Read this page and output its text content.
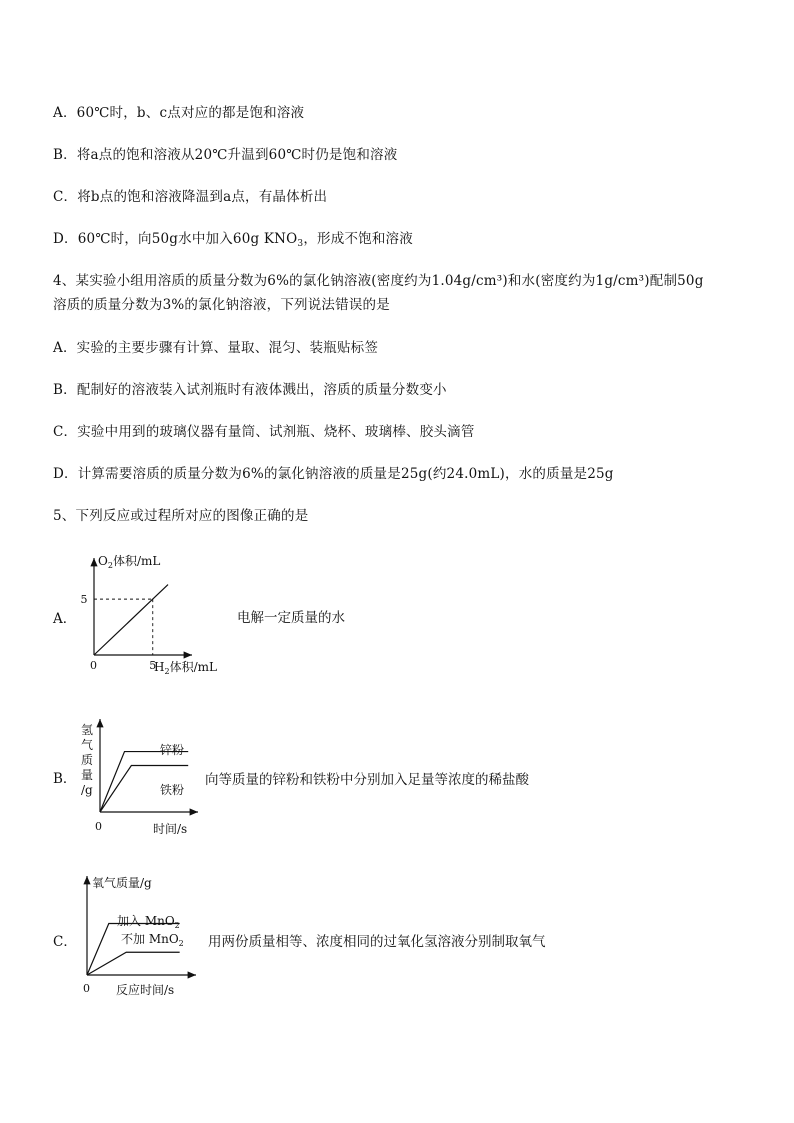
A．60℃时，b、c点对应的都是饱和溶液
B．将a点的饱和溶液从20℃升温到60℃时仍是饱和溶液
C．将b点的饱和溶液降温到a点，有晶体析出
D．60℃时，向50g水中加入60g $KNO_3$，形成不饱和溶液
4、某实验小组用溶质的质量分数为6%的氯化钠溶液(密度约为1.04g/cm³)和水(密度约为1g/cm³)配制50g
溶质的质量分数为3%的氯化钠溶液，下列说法错误的是
A．实验的主要步骤有计算、量取、混匀、装瓶贴标签
B．配制好的溶液装入试剂瓶时有液体溅出，溶质的质量分数变小
C．实验中用到的玻璃仪器有量筒、试剂瓶、烧杯、玻璃棒、胶头滴管
D．计算需要溶质的质量分数为6%的氯化钠溶液的质量是25g(约24.0mL)，水的质量是25g
5、下列反应或过程所对应的图像正确的是
A．
$O_2$体积/mL
$H_2$体积/mL
0	5
5
电解一定质量的水
B．
氢
气
质
量
/g
锌粉
铁粉
0	时间/s
向等质量的锌粉和铁粉中分别加入足量等浓度的稀盐酸
C．
氧气质量/g
加入 MnO$_2$
不加 MnO$_2$
0 反应时间/s
用两份质量相等、浓度相同的过氧化氢溶液分别制取氧气
